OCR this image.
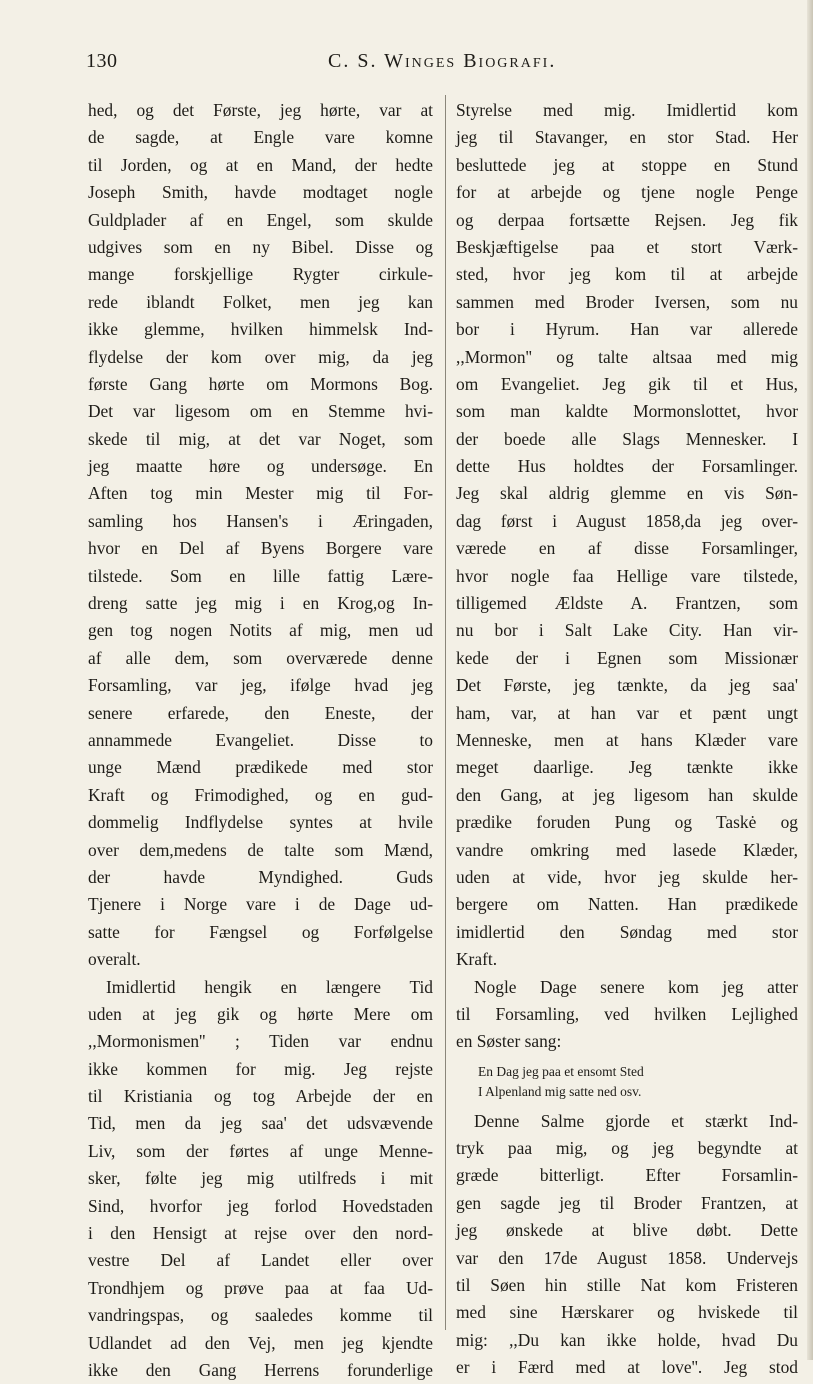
130	C. S. Winges Biografi.
hed, og det Første, jeg hørte, var at
de sagde, at Engle vare komne
til Jorden, og at en Mand, der hedte
Joseph Smith, havde modtaget nogle
Guldplader af en Engel, som skulde
udgives som en ny Bibel. Disse og
mange forskjellige Rygter cirkule-
rede iblandt Folket, men jeg kan
ikke glemme, hvilken himmelsk Ind-
flydelse der kom over mig, da jeg
første Gang hørte om Mormons Bog.
Det var ligesom om en Stemme hvi-
skede til mig, at det var Noget, som
jeg maatte høre og undersøge. En
Aften tog min Mester mig til For-
samling hos Hansen's i Æringaden,
hvor en Del af Byens Borgere vare
tilstede. Som en lille fattig Lære-
dreng satte jeg mig i en Krog,og In-
gen tog nogen Notits af mig, men ud
af alle dem, som overværede denne
Forsamling, var jeg, ifølge hvad jeg
senere erfarede, den Eneste, der
annammede Evangeliet. Disse to
unge Mænd prædikede med stor
Kraft og Frimodighed, og en gud-
dommelig Indflydelse syntes at hvile
over dem,medens de talte som Mænd,
der havde Myndighed. Guds
Tjenere i Norge vare i de Dage ud-
satte for Fængsel og Forfølgelse
overalt.
Imidlertid hengik en længere Tid
uden at jeg gik og hørte Mere om
,,Mormonismen'' ; Tiden var endnu
ikke kommen for mig. Jeg rejste
til Kristiania og tog Arbejde der en
Tid, men da jeg saa' det udsvævende
Liv, som der førtes af unge Menne-
sker, følte jeg mig utilfreds i mit
Sind, hvorfor jeg forlod Hovedstaden
i den Hensigt at rejse over den nord-
vestre Del af Landet eller over
Trondhjem og prøve paa at faa Ud-
vandringspas, og saaledes komme til
Udlandet ad den Vej, men jeg kjendte
ikke den Gang Herrens forunderlige
Styrelse med mig. Imidlertid kom
jeg til Stavanger, en stor Stad. Her
besluttede jeg at stoppe en Stund
for at arbejde og tjene nogle Penge
og derpaa fortsætte Rejsen. Jeg fik
Beskjæftigelse paa et stort Værk-
sted, hvor jeg kom til at arbejde
sammen med Broder Iversen, som nu
bor i Hyrum. Han var allerede
,,Mormon'' og talte altsaa med mig
om Evangeliet. Jeg gik til et Hus,
som man kaldte Mormonslottet, hvor
der boede alle Slags Mennesker. I
dette Hus holdtes der Forsamlinger.
Jeg skal aldrig glemme en vis Søn-
dag først i August 1858,da jeg over-
værede en af disse Forsamlinger,
hvor nogle faa Hellige vare tilstede,
tilligemed Ældste A. Frantzen, som
nu bor i Salt Lake City. Han vir-
kede der i Egnen som Missionær
Det Første, jeg tænkte, da jeg saa'
ham, var, at han var et pænt ungt
Menneske, men at hans Klæder vare
meget daarlige. Jeg tænkte ikke
den Gang, at jeg ligesom han skulde
prædike foruden Pung og Taskė og
vandre omkring med lasede Klæder,
uden at vide, hvor jeg skulde her-
bergere om Natten. Han prædikede
imidlertid den Søndag med stor
Kraft.
Nogle Dage senere kom jeg atter
til Forsamling, ved hvilken Lejlighed
en Søster sang:
En Dag jeg paa et ensomt Sted
I Alpenland mig satte ned osv.
Denne Salme gjorde et stærkt Ind-
tryk paa mig, og jeg begyndte at
græde bitterligt. Efter Forsamlin-
gen sagde jeg til Broder Frantzen, at
jeg ønskede at blive døbt. Dette
var den 17de August 1858. Undervejs
til Søen hin stille Nat kom Fristeren
med sine Hærskarer og hviskede til
mig: ,,Du kan ikke holde, hvad Du
er i Færd med at love''. Jeg stod
